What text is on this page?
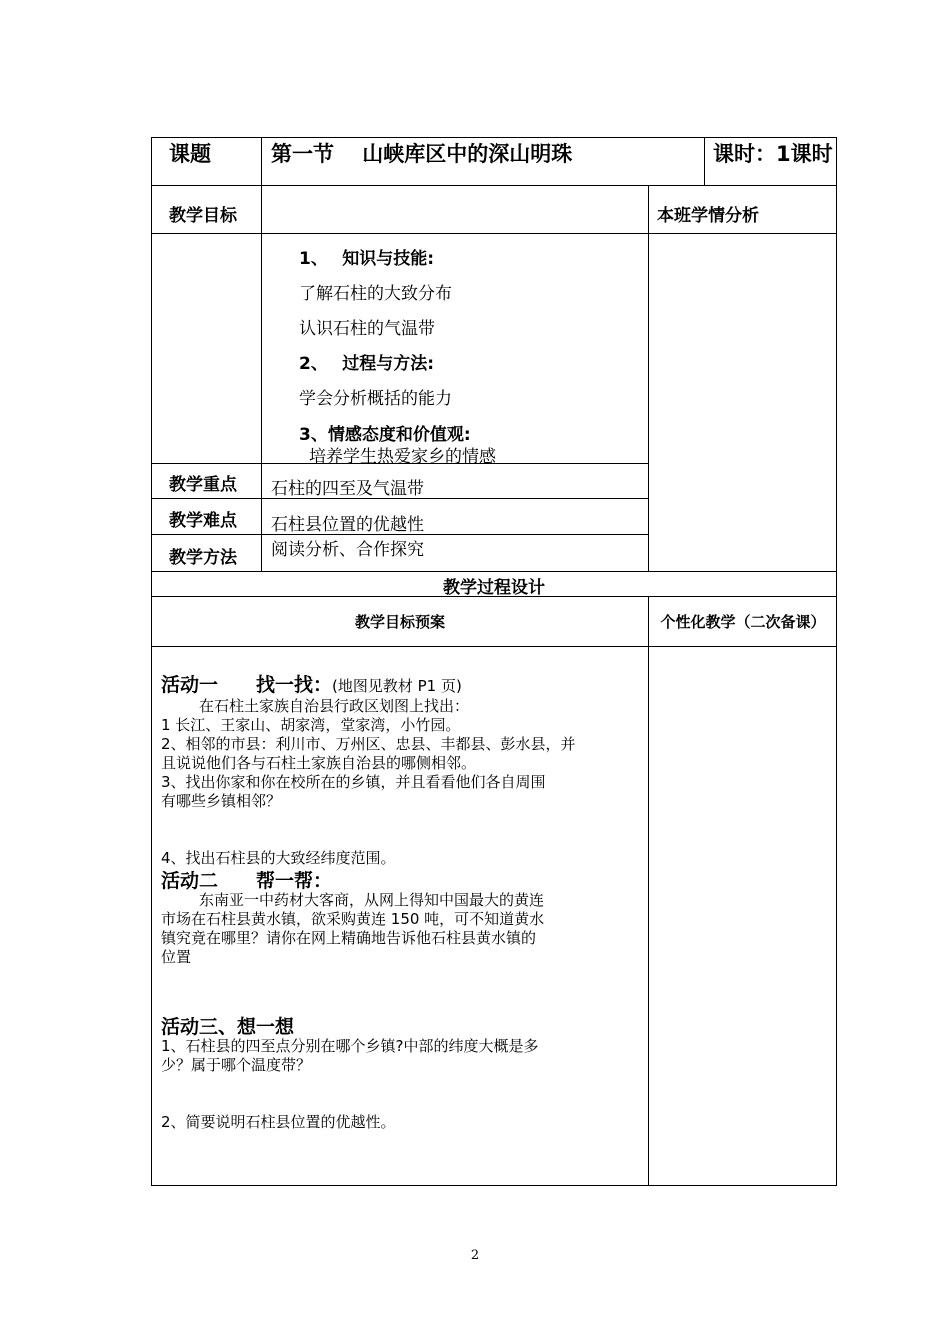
课题	第一节　 山峡库区中的深山明珠	课时：1课时
教学目标	本班学情分析
1、　 知识与技能:
了解石柱的大致分布
认识石柱的气温带
2、　 过程与方法:
学会分析概括的能力
3、情感态度和价值观:
培养学生热爱家乡的情感
教学重点 石柱的四至及气温带
教学难点 石柱县位置的优越性
教学方法 阅读分析、合作探究
教学过程设计
教学目标预案	个性化教学（二次备课）
活动一　　找一找：(地图见教材 P1 页)
在石柱土家族自治县行政区划图上找出：
1 长江、王家山、胡家湾，堂家湾，小竹园。
2、相邻的市县：利川市、万州区、忠县、丰都县、彭水县，并
且说说他们各与石柱土家族自治县的哪侧相邻。
3、找出你家和你在校所在的乡镇，并且看看他们各自周围
有哪些乡镇相邻？
4、找出石柱县的大致经纬度范围。
活动二　　帮一帮：
东南亚一中药材大客商，从网上得知中国最大的黄连
市场在石柱县黄水镇，欲采购黄连 150 吨，可不知道黄水
镇究竟在哪里？请你在网上精确地告诉他石柱县黄水镇的
位置
活动三、想一想
1、石柱县的四至点分别在哪个乡镇?中部的纬度大概是多
少？属于哪个温度带？
2、简要说明石柱县位置的优越性。
2
